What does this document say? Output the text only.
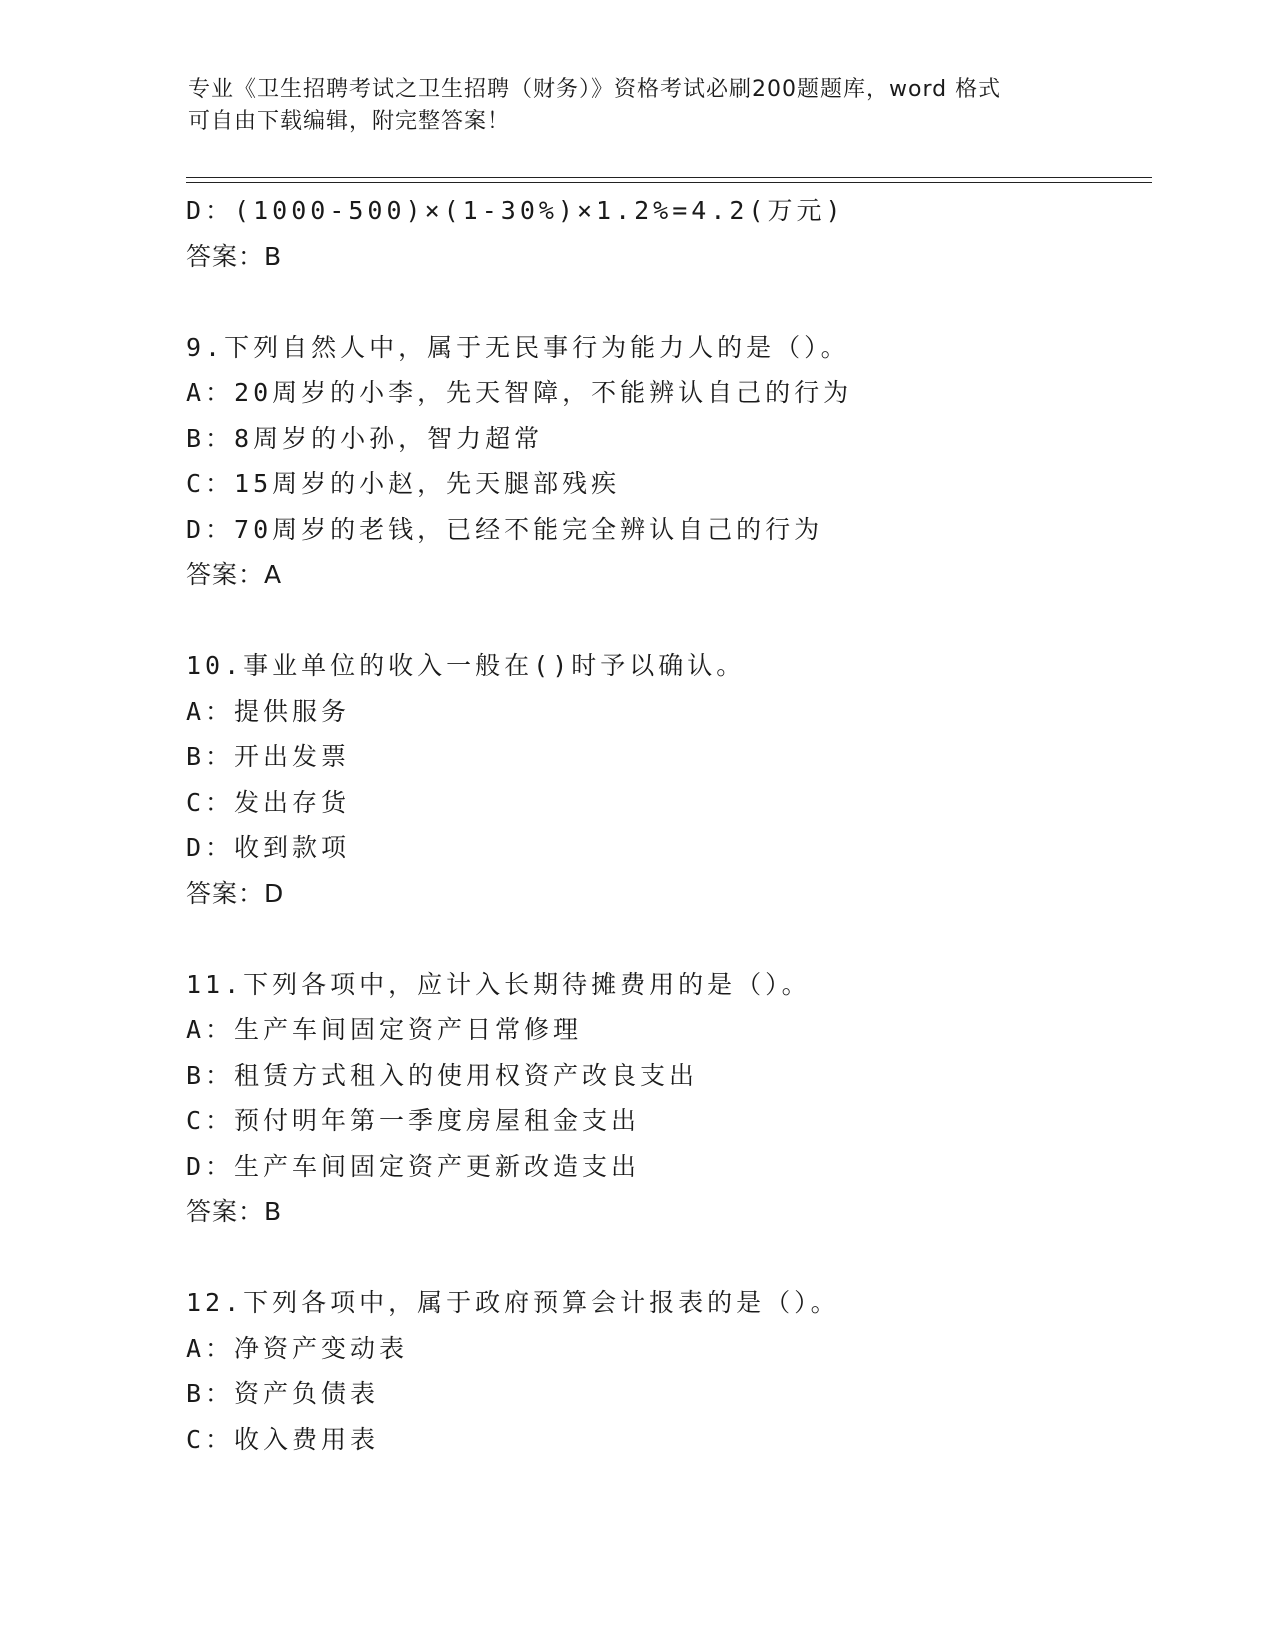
专业《卫生招聘考试之卫生招聘（财务）》资格考试必刷200题题库，word 格式
可自由下载编辑，附完整答案！
D：(1000-500)×(1-30%)×1.2%=4.2(万元)
答案：B
9.下列自然人中，属于无民事行为能力人的是（）。
A：20周岁的小李，先天智障，不能辨认自己的行为
B：8周岁的小孙，智力超常
C：15周岁的小赵，先天腿部残疾
D：70周岁的老钱，已经不能完全辨认自己的行为
答案：A
10.事业单位的收入一般在()时予以确认。
A：提供服务
B：开出发票
C：发出存货
D：收到款项
答案：D
11.下列各项中，应计入长期待摊费用的是（）。
A：生产车间固定资产日常修理
B：租赁方式租入的使用权资产改良支出
C：预付明年第一季度房屋租金支出
D：生产车间固定资产更新改造支出
答案：B
12.下列各项中，属于政府预算会计报表的是（）。
A：净资产变动表
B：资产负债表
C：收入费用表
